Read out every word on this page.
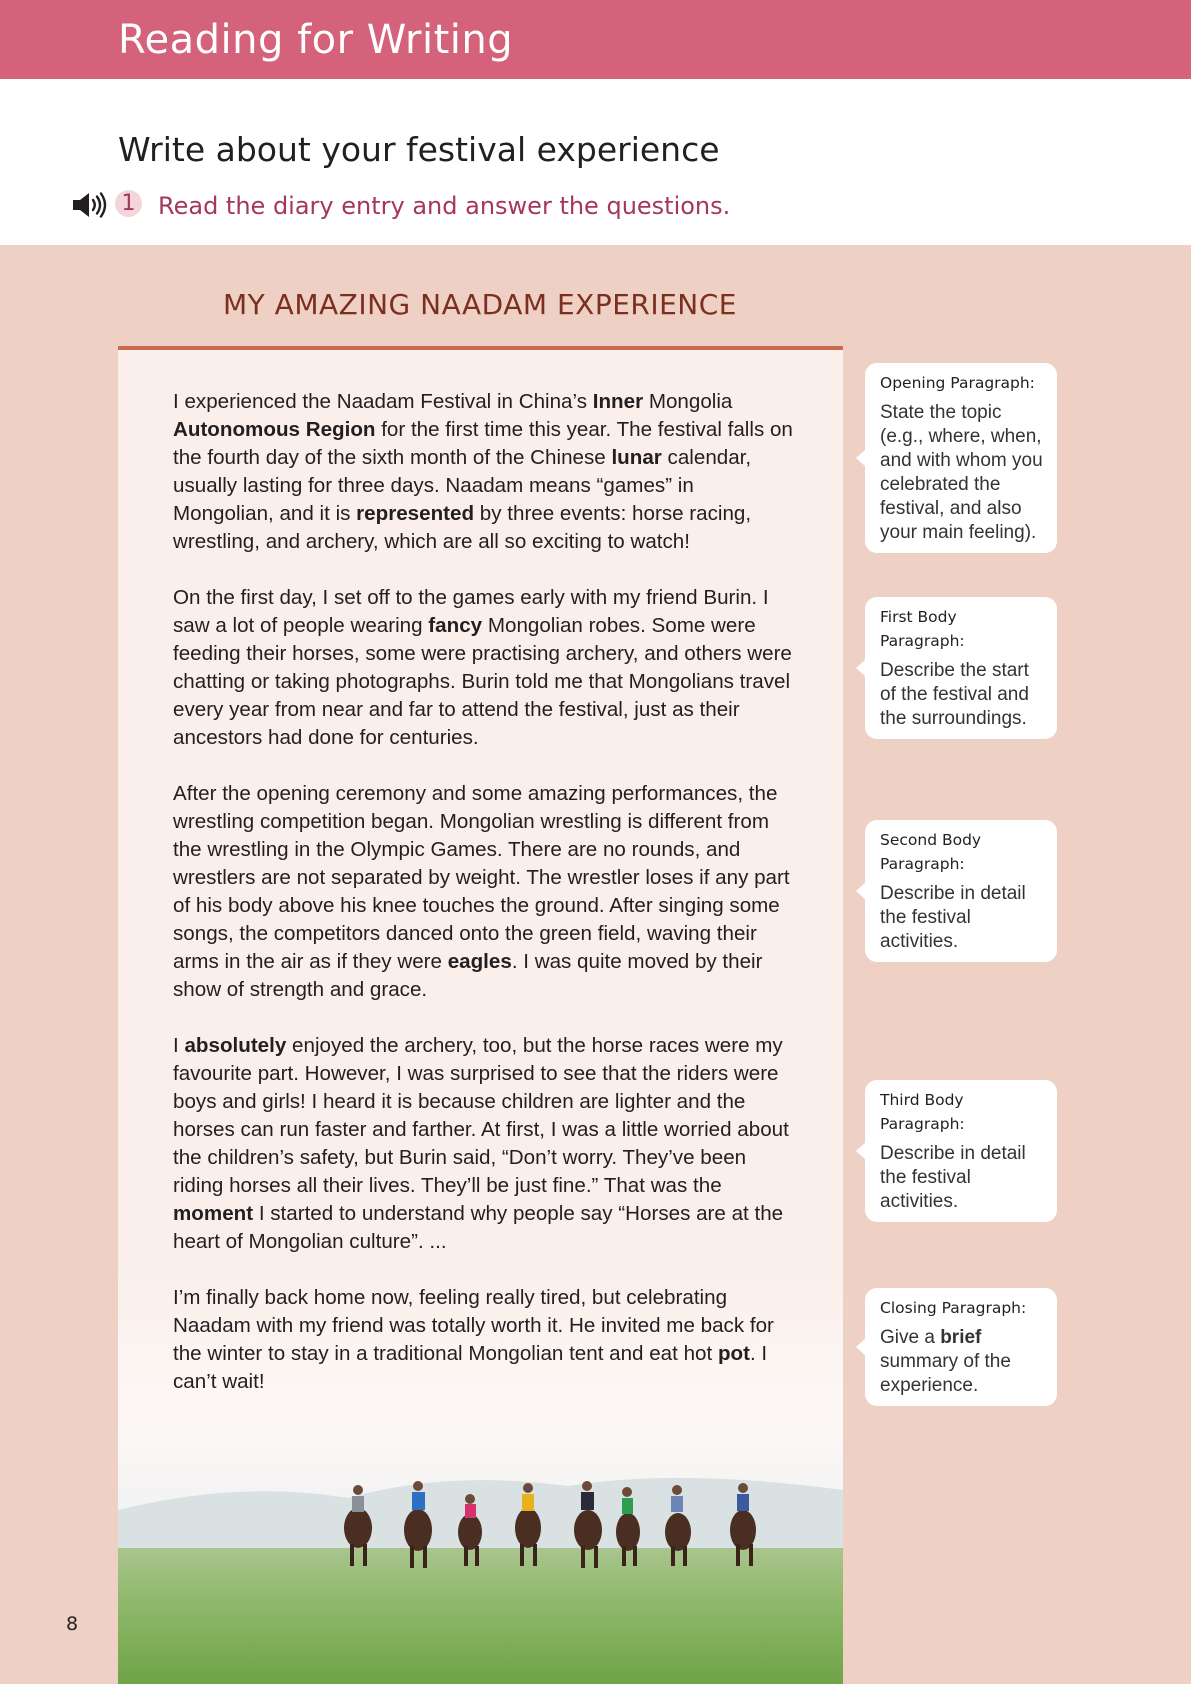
Reading for Writing
Write about your festival experience
1 Read the diary entry and answer the questions.
MY AMAZING NAADAM EXPERIENCE

I experienced the Naadam Festival in China’s Inner Mongolia Autonomous Region for the first time this year. The festival falls on the fourth day of the sixth month of the Chinese lunar calendar, usually lasting for three days. Naadam means “games” in Mongolian, and it is represented by three events: horse racing, wrestling, and archery, which are all so exciting to watch!

On the first day, I set off to the games early with my friend Burin. I saw a lot of people wearing fancy Mongolian robes. Some were feeding their horses, some were practising archery, and others were chatting or taking photographs. Burin told me that Mongolians travel every year from near and far to attend the festival, just as their ancestors had done for centuries.

After the opening ceremony and some amazing performances, the wrestling competition began. Mongolian wrestling is different from the wrestling in the Olympic Games. There are no rounds, and wrestlers are not separated by weight. The wrestler loses if any part of his body above his knee touches the ground. After singing some songs, the competitors danced onto the green field, waving their arms in the air as if they were eagles. I was quite moved by their show of strength and grace.

I absolutely enjoyed the archery, too, but the horse races were my favourite part. However, I was surprised to see that the riders were boys and girls! I heard it is because children are lighter and the horses can run faster and farther. At first, I was a little worried about the children’s safety, but Burin said, “Don’t worry. They’ve been riding horses all their lives. They’ll be just fine.” That was the moment I started to understand why people say “Horses are at the heart of Mongolian culture”. ...

I’m finally back home now, feeling really tired, but celebrating Naadam with my friend was totally worth it. He invited me back for the winter to stay in a traditional Mongolian tent and eat hot pot. I can’t wait!

Opening Paragraph:
State the topic (e.g., where, when, and with whom you celebrated the festival, and also your main feeling).
First Body Paragraph:
Describe the start of the festival and the surroundings.
Second Body Paragraph:
Describe in detail the festival activities.
Third Body Paragraph:
Describe in detail the festival activities.
Closing Paragraph:
Give a brief summary of the experience.
8
